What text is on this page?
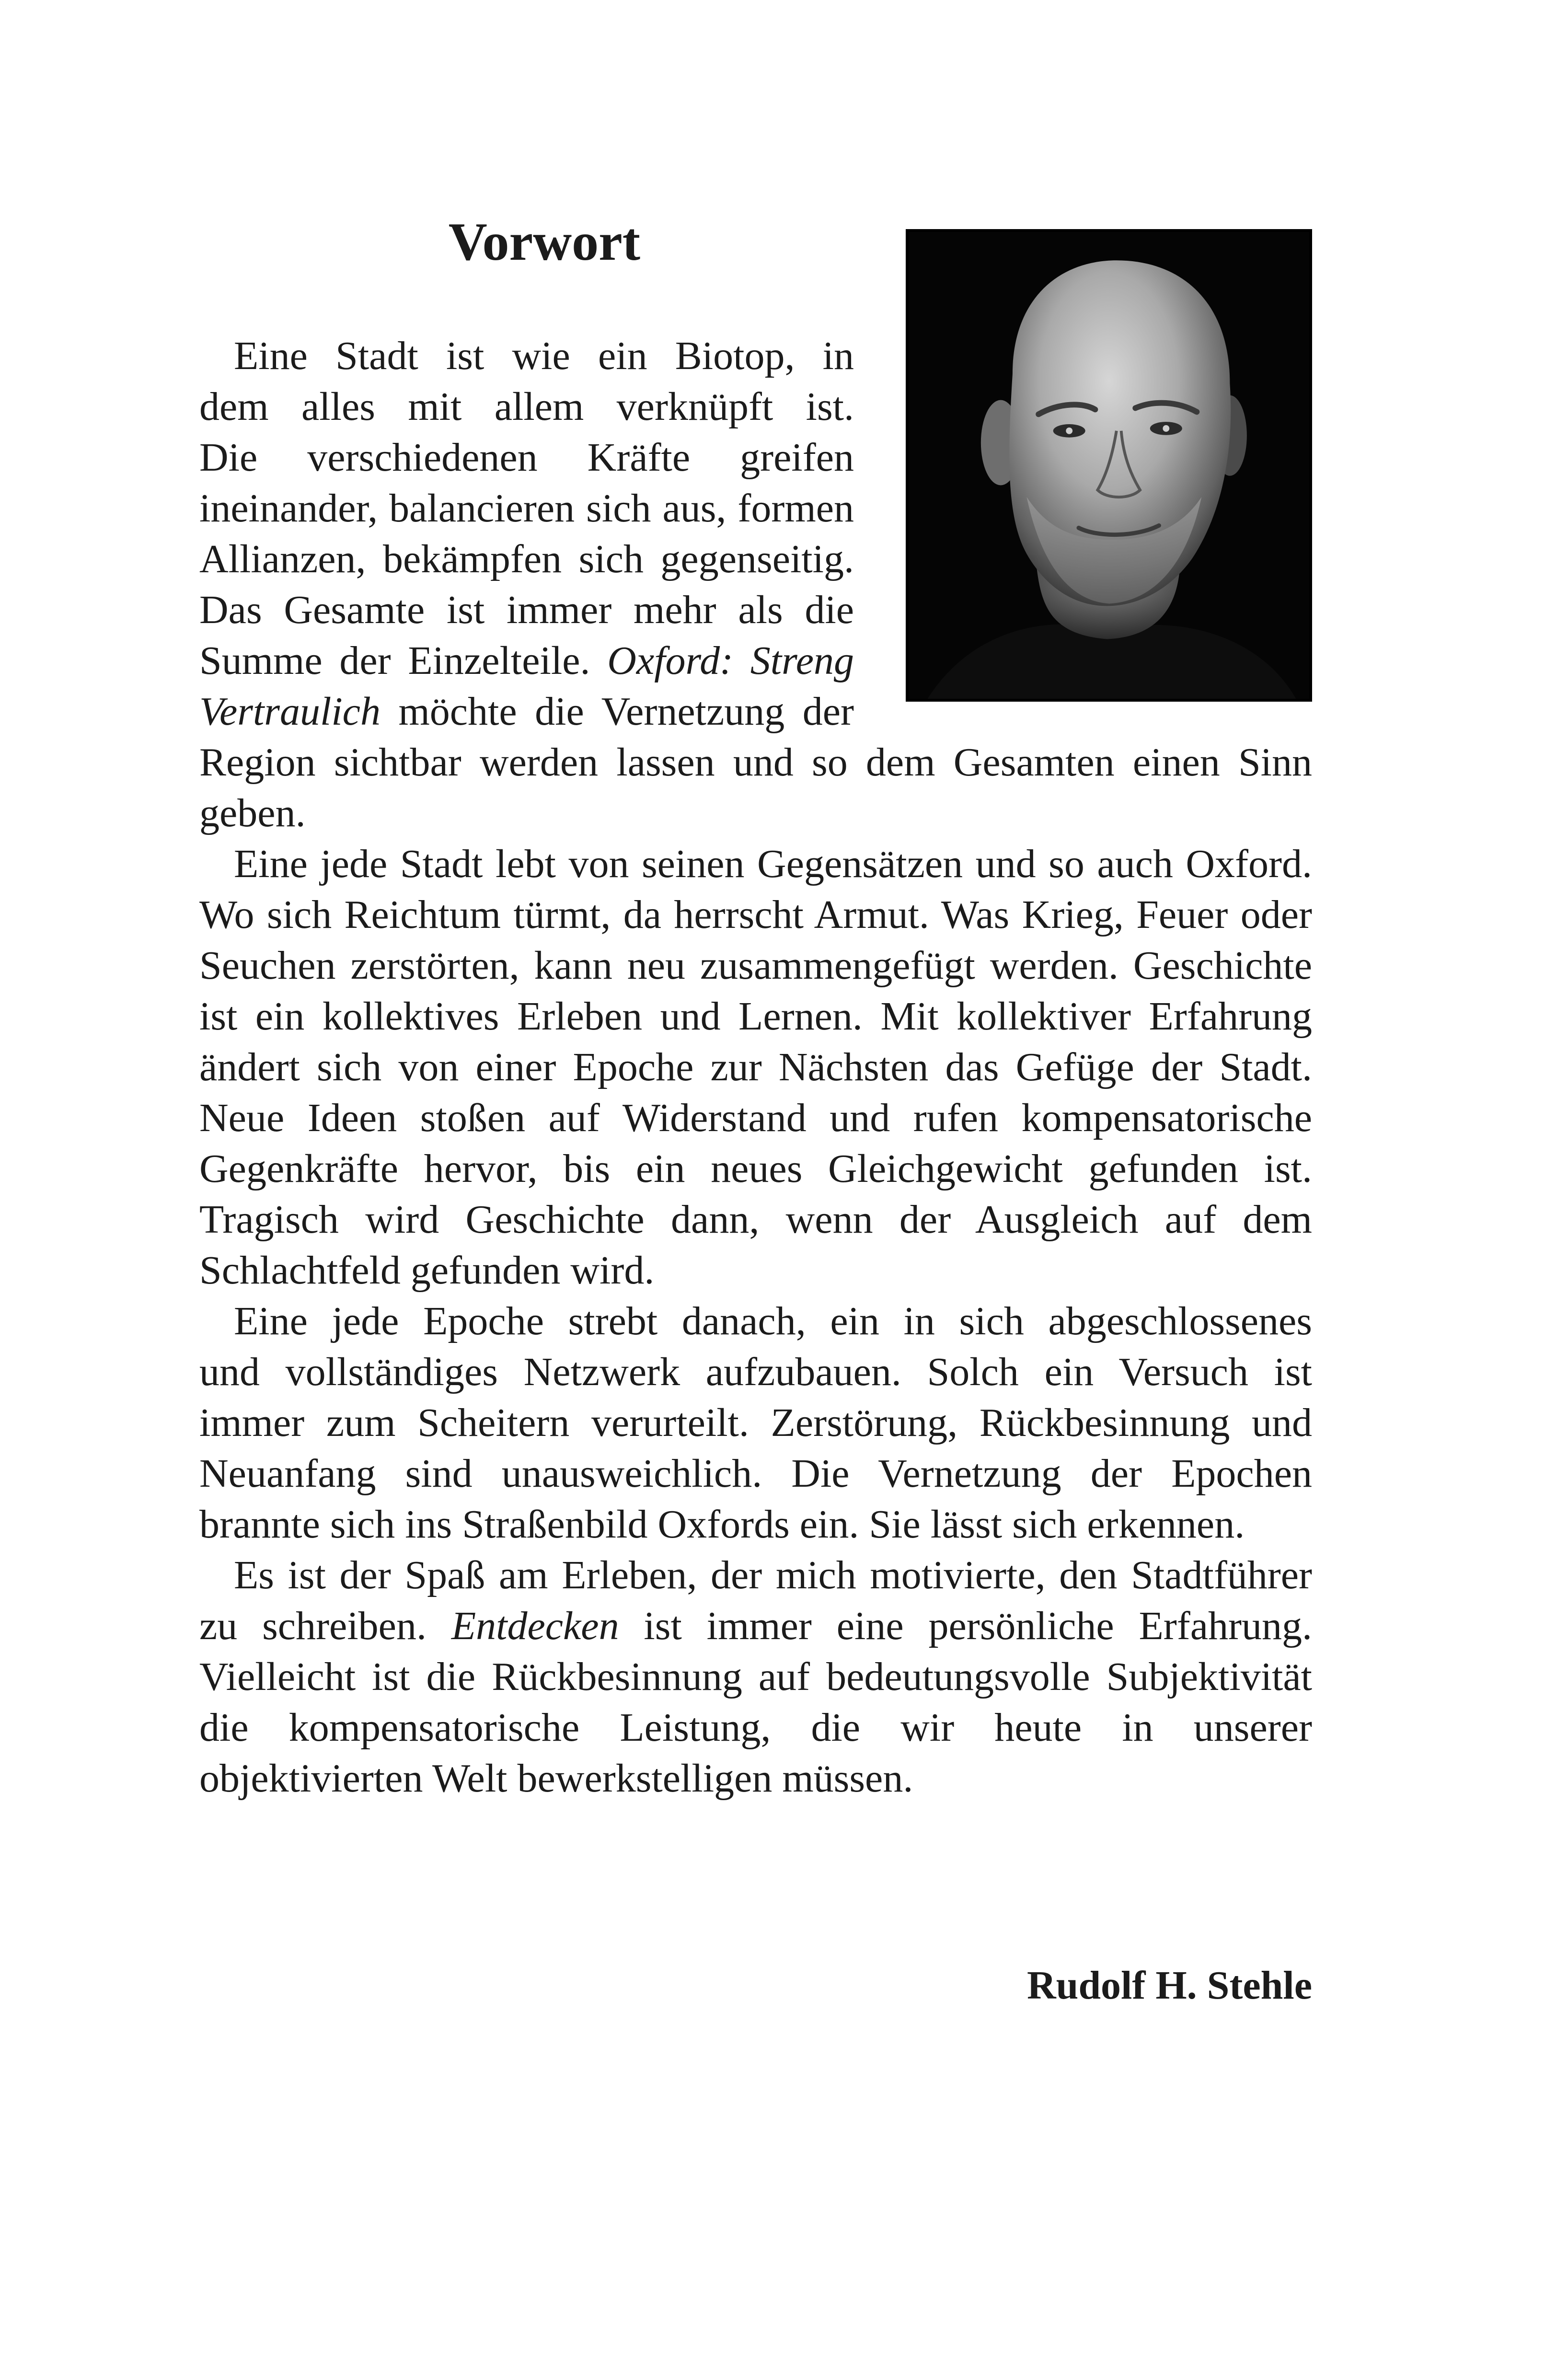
Vorwort
Eine Stadt ist wie ein Biotop, in
dem alles mit allem verknüpft ist.
Die verschiedenen Kräfte greifen
ineinander, balancieren sich aus, formen
Allianzen, bekämpfen sich gegenseitig.
Das Gesamte ist immer mehr als die
Summe der Einzelteile. Oxford: Streng
Vertraulich möchte die Vernetzung der
Region sichtbar werden lassen und so dem Gesamten einen Sinn
geben.
Eine jede Stadt lebt von seinen Gegensätzen und so auch Oxford.
Wo sich Reichtum türmt, da herrscht Armut. Was Krieg, Feuer oder
Seuchen zerstörten, kann neu zusammengefügt werden. Geschichte
ist ein kollektives Erleben und Lernen. Mit kollektiver Erfahrung
ändert sich von einer Epoche zur Nächsten das Gefüge der Stadt.
Neue Ideen stoßen auf Widerstand und rufen kompensatorische
Gegenkräfte hervor, bis ein neues Gleichgewicht gefunden ist.
Tragisch wird Geschichte dann, wenn der Ausgleich auf dem
Schlachtfeld gefunden wird.
Eine jede Epoche strebt danach, ein in sich abgeschlossenes
und vollständiges Netzwerk aufzubauen. Solch ein Versuch ist
immer zum Scheitern verurteilt. Zerstörung, Rückbesinnung und
Neuanfang sind unausweichlich. Die Vernetzung der Epochen
brannte sich ins Straßenbild Oxfords ein. Sie lässt sich erkennen.
Es ist der Spaß am Erleben, der mich motivierte, den Stadtführer
zu schreiben. Entdecken ist immer eine persönliche Erfahrung.
Vielleicht ist die Rückbesinnung auf bedeutungsvolle Subjektivität
die kompensatorische Leistung, die wir heute in unserer
objektivierten Welt bewerkstelligen müssen.
Rudolf H. Stehle
